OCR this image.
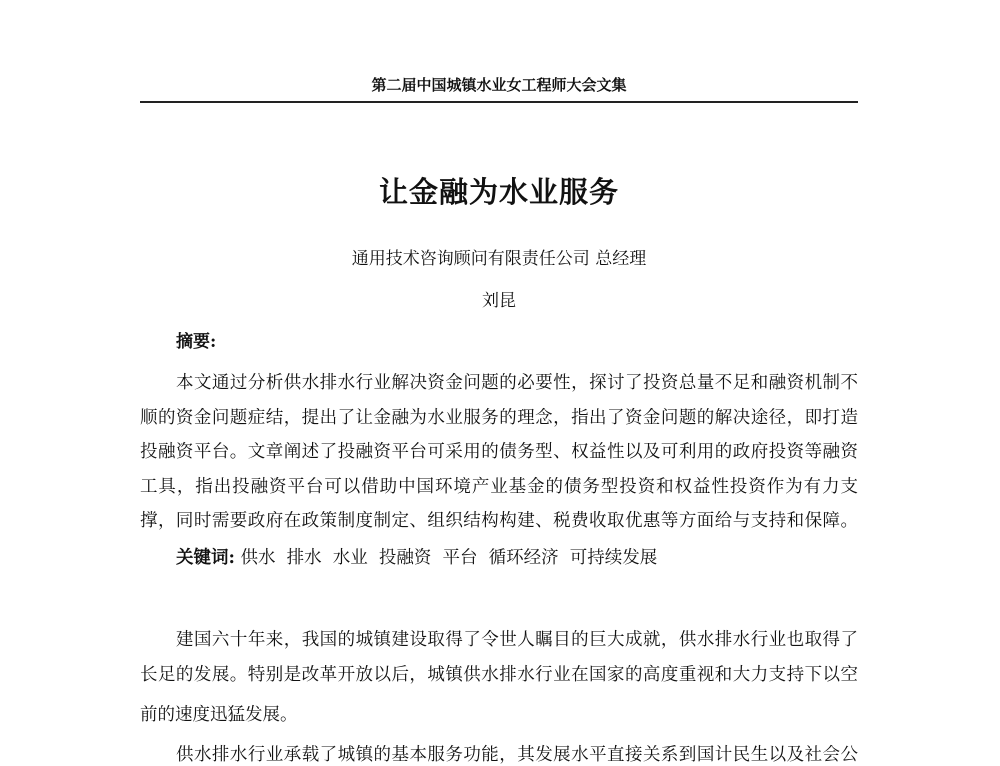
第二届中国城镇水业女工程师大会文集
让金融为水业服务
通用技术咨询顾问有限责任公司 总经理
刘昆
摘要:
本文通过分析供水排水行业解决资金问题的必要性，探讨了投资总量不足和融资机制不
顺的资金问题症结，提出了让金融为水业服务的理念，指出了资金问题的解决途径，即打造
投融资平台。文章阐述了投融资平台可采用的债务型、权益性以及可利用的政府投资等融资
工具，指出投融资平台可以借助中国环境产业基金的债务型投资和权益性投资作为有力支
撑，同时需要政府在政策制度制定、组织结构构建、税费收取优惠等方面给与支持和保障。
关键词: 供水  排水  水业  投融资  平台  循环经济  可持续发展
建国六十年来，我国的城镇建设取得了令世人瞩目的巨大成就，供水排水行业也取得了
长足的发展。特别是改革开放以后，城镇供水排水行业在国家的高度重视和大力支持下以空
前的速度迅猛发展。
供水排水行业承载了城镇的基本服务功能，其发展水平直接关系到国计民生以及社会公
